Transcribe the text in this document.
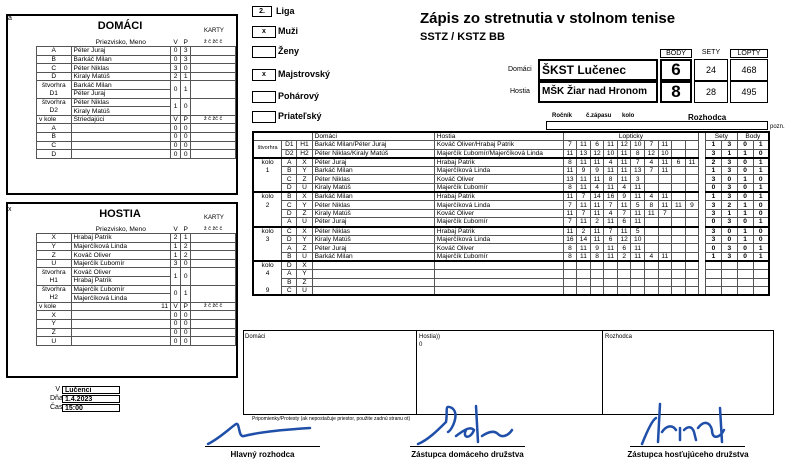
a
DOMÁCI	KARTY
	Priezvisko, Meno	V	P	ž č žč č
A	Péter Juraj	0	3	
B	Barkáč Milan	0	3	
C	Péter Niklas	3	0	
D	Kiraly Matúš	2	1	
štvorhra	Barkáč Milan	0	1	
D1	Péter Juraj			
štvorhra	Péter Niklas	1	0	
D2	Kiraly Matúš			
v kole	Striedajúci	V	P	ž č žč č
A		0	0	
B		0	0	
C		0	0	
D		0	0	
x	HOSTIA	KARTY
	Priezvisko, Meno	V	P	ž č žč č
X	Hrabaj Patrik	2	1	
Y	Majerčíková Linda	1	2	
Z	Kováč Oliver	1	2	
U	Majerčík Ľubomír	3	0	
štvorhra	Kováč Oliver	1	0	
H1	Hrabaj Patrik			
štvorhra	Majerčík Ľubomír	0	1	
H2	Majerčíková Linda			
v kole	11	V	P	ž č žč č
X		0	0	
Y		0	0	
Z		0	0	
U		0	0	
V Lučenci
Dňa 1.4.2023
Čas 15:00
2.	Liga
x	Muži
Ženy
x	Majstrovský
Pohárový
Priateľský
Zápis zo stretnutia v stolnom tenise
SSTZ / KSTZ BB
BODY	SETY	LOPTY
Domáci ŠKST Lučenec	6	24	468
Hostia	MŠK Žiar nad Hronom	8	28	495
Ročník č.zápasu kolo	Rozhodca
pozn.
			Domáci	Hostia	Lopticky											Sety		Body	
štvorhra	D1	H1	Barkáč Milan/Péter Juraj	Kováč Oliver/Hrabaj Patrik	7	11	6	11	12	10	7	11				1	3	0	1
	D2	H2	Péter Niklas/Kiraly Matúš	Majerčík Ľubomír/Majerčíková Linda	11	13	12	10	11	8	12	10				3	1	1	0
kolo	A	X	Péter Juraj	Hrabaj Patrik	8	11	11	4	11	7	4	11	6	11		2	3	0	1
1	B	Y	Barkáč Milan	Majerčíková Linda	11	9	9	11	11	13	7	11				1	3	0	1
	C	Z	Péter Niklas	Kováč Oliver	13	11	11	8	11	3						3	0	1	0
	D	U	Kiraly Matúš	Majerčík Ľubomír	8	11	4	11	4	11						0	3	0	1
kolo	B	X	Barkáč Milan	Hrabaj Patrik	11	7	14	16	9	11	4	11				1	3	0	1
2	C	Y	Péter Niklas	Majerčíková Linda	7	11	11	7	11	5	8	11	11	9		3	2	1	0
	D	Z	Kiraly Matúš	Kováč Oliver	11	7	11	4	7	11	11	7				3	1	1	0
	A	U	Péter Juraj	Majerčík Ľubomír	7	11	2	11	6	11						0	3	0	1
kolo	C	X	Péter Niklas	Hrabaj Patrik	11	2	11	7	11	5						3	0	1	0
3	D	Y	Kiraly Matúš	Majerčíková Linda	16	14	11	6	12	10						3	0	1	0
	A	Z	Péter Juraj	Kováč Oliver	8	11	9	11	6	11						0	3	0	1
	B	U	Barkáč Milan	Majerčík Ľubomír	8	11	8	11	2	11	4	11				1	3	0	1
kolo	D	X																	
4	A	Y																	
	B	Z																	
9	C	U																	
Domáci	Hostia))
0
Rozhodca
Pripomienky/Protesty (ak nepostačuje priestor, použite zadnú stranu ot)
Hlavný rozhodca	Zástupca domáceho družstva	Zástupca hosťujúceho družstva
